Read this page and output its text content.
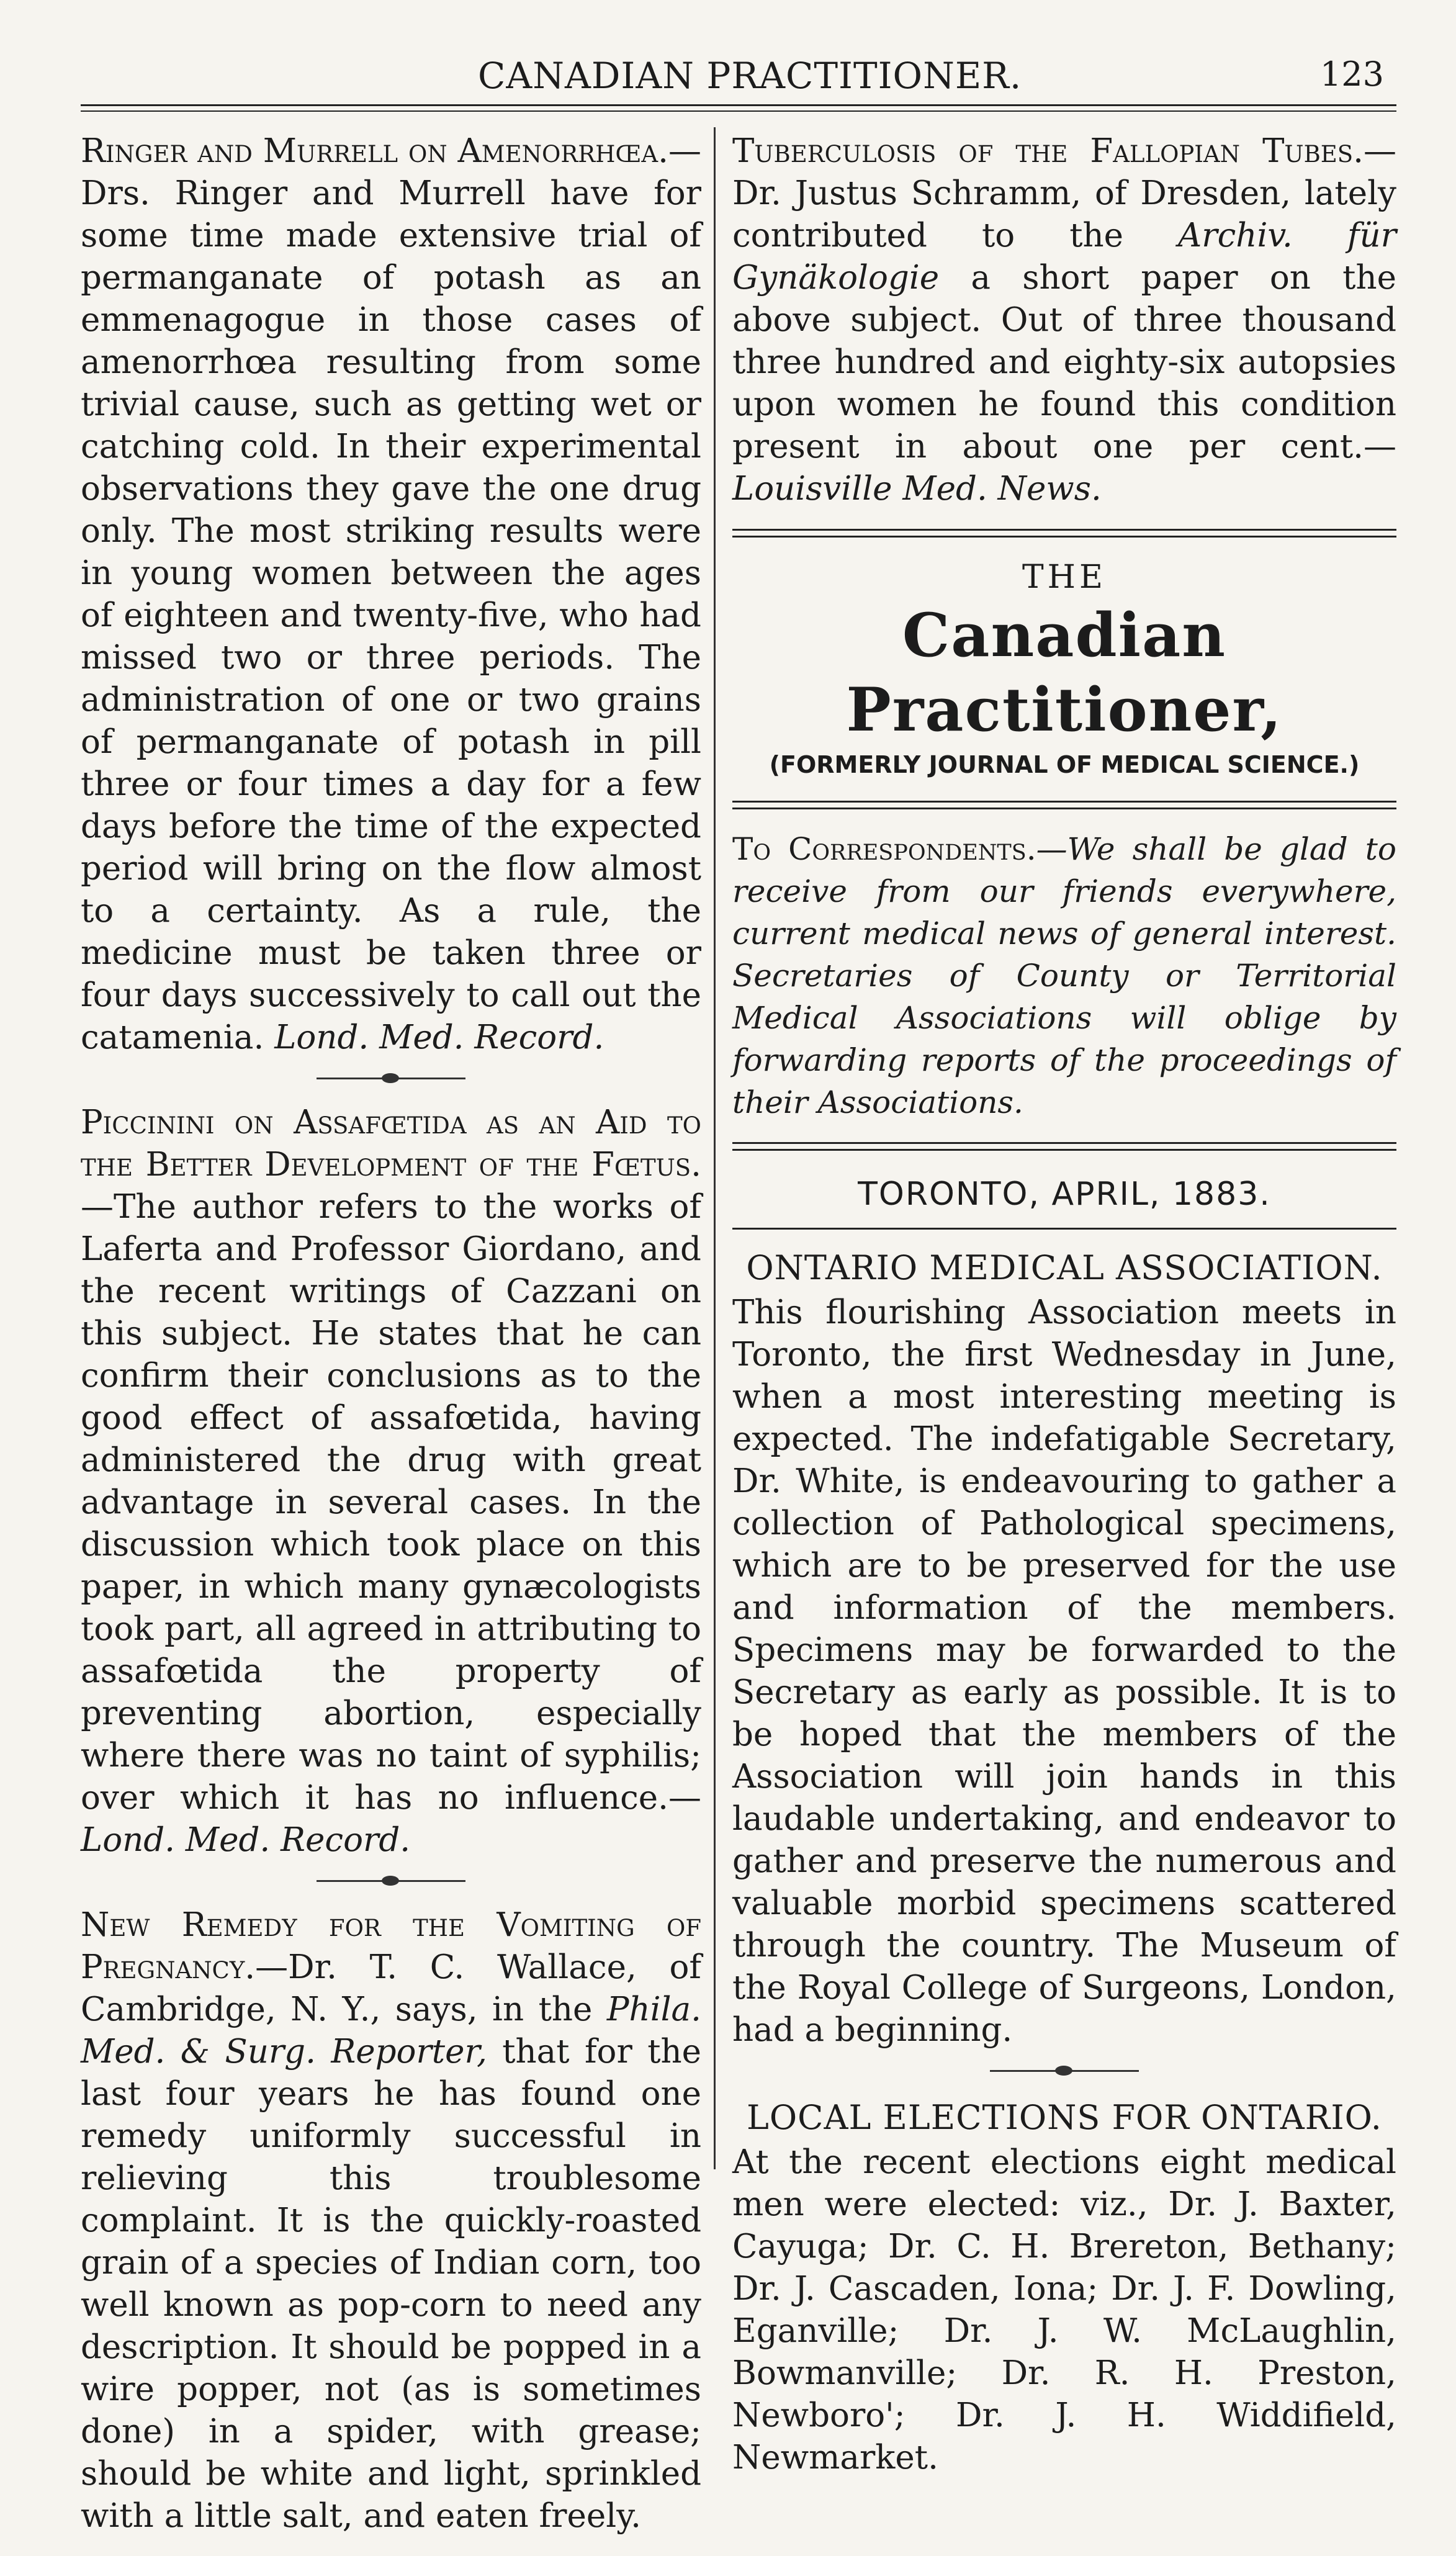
CANADIAN PRACTITIONER.	123

Ringer and Murrell on Amenorrhœa.—Drs. Ringer and Murrell have for some time made extensive trial of permanganate of potash as an emmenagogue in those cases of amenorrhœa resulting from some trivial cause, such as getting wet or catching cold. In their experimental observations they gave the one drug only. The most striking results were in young women between the ages of eighteen and twenty-five, who had missed two or three periods. The administration of one or two grains of permanganate of potash in pill three or four times a day for a few days before the time of the expected period will bring on the flow almost to a certainty. As a rule, the medicine must be taken three or four days successively to call out the catamenia. Lond. Med. Record.

Piccinini on Assafœtida as an Aid to the Better Development of the Fœtus.—The author refers to the works of Laferta and Professor Giordano, and the recent writings of Cazzani on this subject. He states that he can confirm their conclusions as to the good effect of assafœtida, having administered the drug with great advantage in several cases. In the discussion which took place on this paper, in which many gynæcologists took part, all agreed in attributing to assafœtida the property of preventing abortion, especially where there was no taint of syphilis; over which it has no influence.—Lond. Med. Record.

New Remedy for the Vomiting of Pregnancy.—Dr. T. C. Wallace, of Cambridge, N. Y., says, in the Phila. Med. & Surg. Reporter, that for the last four years he has found one remedy uniformly successful in relieving this troublesome complaint. It is the quickly-roasted grain of a species of Indian corn, too well known as pop-corn to need any description. It should be popped in a wire popper, not (as is sometimes done) in a spider, with grease; should be white and light, sprinkled with a little salt, and eaten freely.

Tuberculosis of the Fallopian Tubes.—Dr. Justus Schramm, of Dresden, lately contributed to the Archiv. für Gynäkologie a short paper on the above subject. Out of three thousand three hundred and eighty-six autopsies upon women he found this condition present in about one per cent.—Louisville Med. News.

THE
Canadian Practitioner,
(FORMERLY JOURNAL OF MEDICAL SCIENCE.)

To Correspondents.—We shall be glad to receive from our friends everywhere, current medical news of general interest. Secretaries of County or Territorial Medical Associations will oblige by forwarding reports of the proceedings of their Associations.

TORONTO, APRIL, 1883.
ONTARIO MEDICAL ASSOCIATION.

This flourishing Association meets in Toronto, the first Wednesday in June, when a most interesting meeting is expected. The indefatigable Secretary, Dr. White, is endeavouring to gather a collection of Pathological specimens, which are to be preserved for the use and information of the members. Specimens may be forwarded to the Secretary as early as possible. It is to be hoped that the members of the Association will join hands in this laudable undertaking, and endeavor to gather and preserve the numerous and valuable morbid specimens scattered through the country. The Museum of the Royal College of Surgeons, London, had a beginning.

LOCAL ELECTIONS FOR ONTARIO.

At the recent elections eight medical men were elected: viz., Dr. J. Baxter, Cayuga; Dr. C. H. Brereton, Bethany; Dr. J. Cascaden, Iona; Dr. J. F. Dowling, Eganville; Dr. J. W. McLaughlin, Bowmanville; Dr. R. H. Preston, Newboro'; Dr. J. H. Widdifield, Newmarket.
